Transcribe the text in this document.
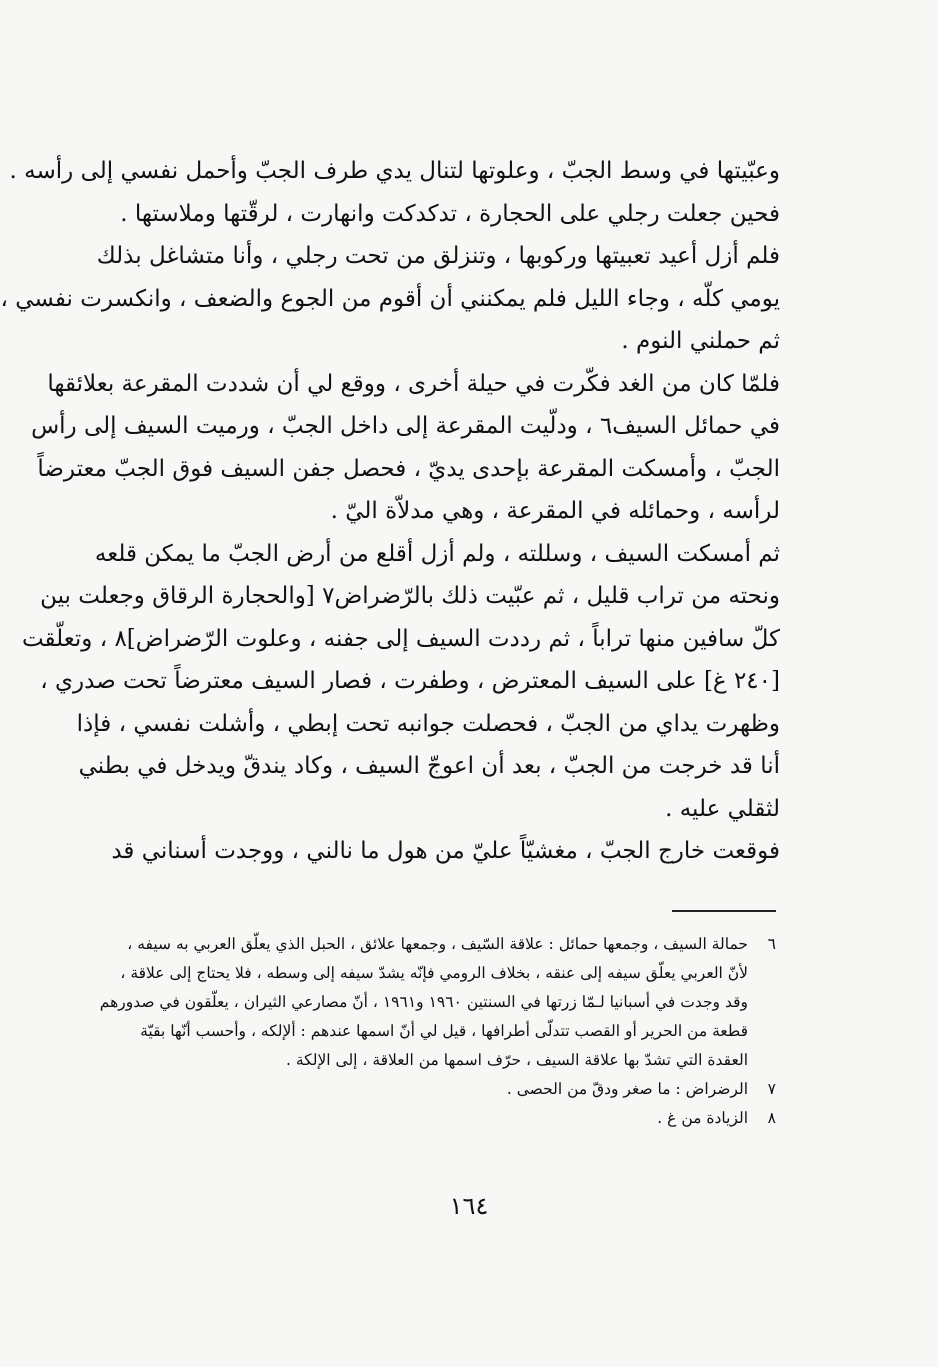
وعبّيتها في وسط الجبّ ، وعلوتها لتنال يدي طرف الجبّ وأحمل نفسي إلى رأسه .
فحين جعلت رجلي على الحجارة ، تدكدكت وانهارت ، لرقّتها وملاستها .
فلم أزل أعيد تعبيتها وركوبها ، وتنزلق من تحت رجلي ، وأنا متشاغل بذلك
يومي كلّه ، وجاء الليل فلم يمكنني أن أقوم من الجوع والضعف ، وانكسرت نفسي ،
ثم حملني النوم .
فلمّا كان من الغد فكّرت في حيلة أخرى ، ووقع لي أن شددت المقرعة بعلائقها
في حمائل السيف٦ ، ودلّيت المقرعة إلى داخل الجبّ ، ورميت السيف إلى رأس
الجبّ ، وأمسكت المقرعة بإحدى يديّ ، فحصل جفن السيف فوق الجبّ معترضاً
لرأسه ، وحمائله في المقرعة ، وهي مدلاّة اليّ .
ثم أمسكت السيف ، وسللته ، ولم أزل أقلع من أرض الجبّ ما يمكن قلعه
ونحته من تراب قليل ، ثم عبّيت ذلك بالرّضراض٧ [والحجارة الرقاق وجعلت بين
كلّ سافين منها تراباً ، ثم رددت السيف إلى جفنه ، وعلوت الرّضراض]٨ ، وتعلّقت
[٢٤٠ غ] على السيف المعترض ، وطفرت ، فصار السيف معترضاً تحت صدري ،
وظهرت يداي من الجبّ ، فحصلت جوانبه تحت إبطي ، وأشلت نفسي ، فإذا
أنا قد خرجت من الجبّ ، بعد أن اعوجّ السيف ، وكاد يندقّ ويدخل في بطني
لثقلي عليه .
فوقعت خارج الجبّ ، مغشيّاً عليّ من هول ما نالني ، ووجدت أسناني قد
٦
حمالة السيف ، وجمعها حمائل : علاقة السّيف ، وجمعها علائق ، الحبل الذي يعلّق العربي به سيفه ،
لأنّ العربي يعلّق سيفه إلى عنقه ، بخلاف الرومي فإنّه يشدّ سيفه إلى وسطه ، فلا يحتاج إلى علاقة ،
وقد وجدت في أسبانيا لـمّا زرتها في السنتين ١٩٦٠ و١٩٦١ ، أنّ مصارعي الثيران ، يعلّقون في صدورهم
قطعة من الحرير أو القصب تتدلّى أطرافها ، قيل لي أنّ اسمها عندهم : ألإلكه ، وأحسب أنّها بقيّة
العقدة التي تشدّ بها علاقة السيف ، حرّف اسمها من العلاقة ، إلى الإلكة .
٧
الرضراض : ما صغر ودقّ من الحصى .
٨
الزيادة من غ .
١٦٤
